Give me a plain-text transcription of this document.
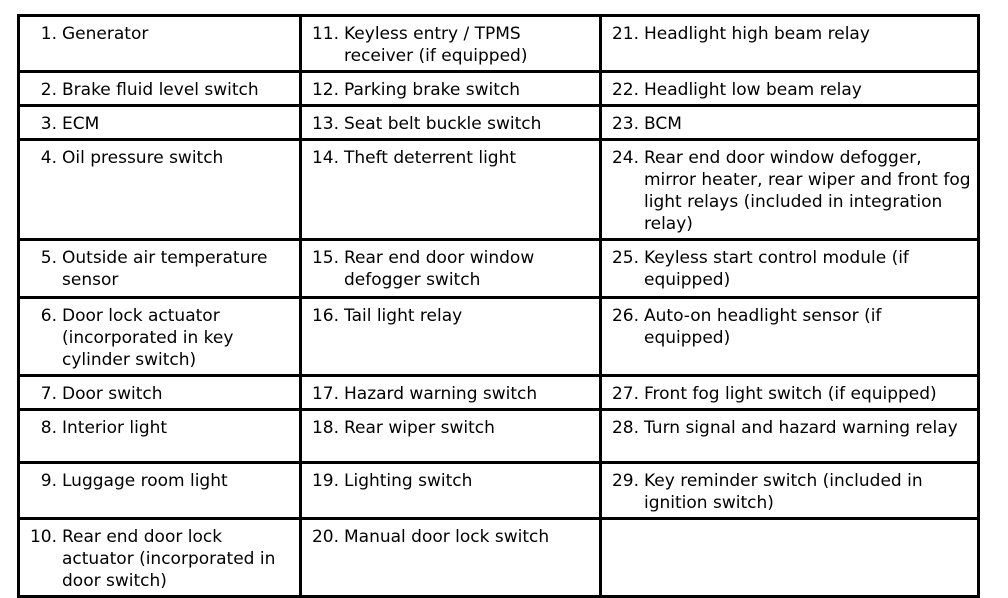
1. Generator	11. Keyless entry / TPMS receiver (if equipped)	21. Headlight high beam relay

2. Brake fluid level switch	12. Parking brake switch	22. Headlight low beam relay

3. ECM	13. Seat belt buckle switch	23. BCM

4. Oil pressure switch	14. Theft deterrent light	24. Rear end door window defogger, mirror heater, rear wiper and front fog light relays (included in integration relay)

5. Outside air temperature sensor	15. Rear end door window defogger switch	25. Keyless start control module (if equipped)

6. Door lock actuator (incorporated in key cylinder switch)	16. Tail light relay	26. Auto-on headlight sensor (if equipped)

7. Door switch	17. Hazard warning switch	27. Front fog light switch (if equipped)

8. Interior light	18. Rear wiper switch	28. Turn signal and hazard warning relay

9. Luggage room light	19. Lighting switch	29. Key reminder switch (included in ignition switch)

10. Rear end door lock actuator (incorporated in door switch)	20. Manual door lock switch	
